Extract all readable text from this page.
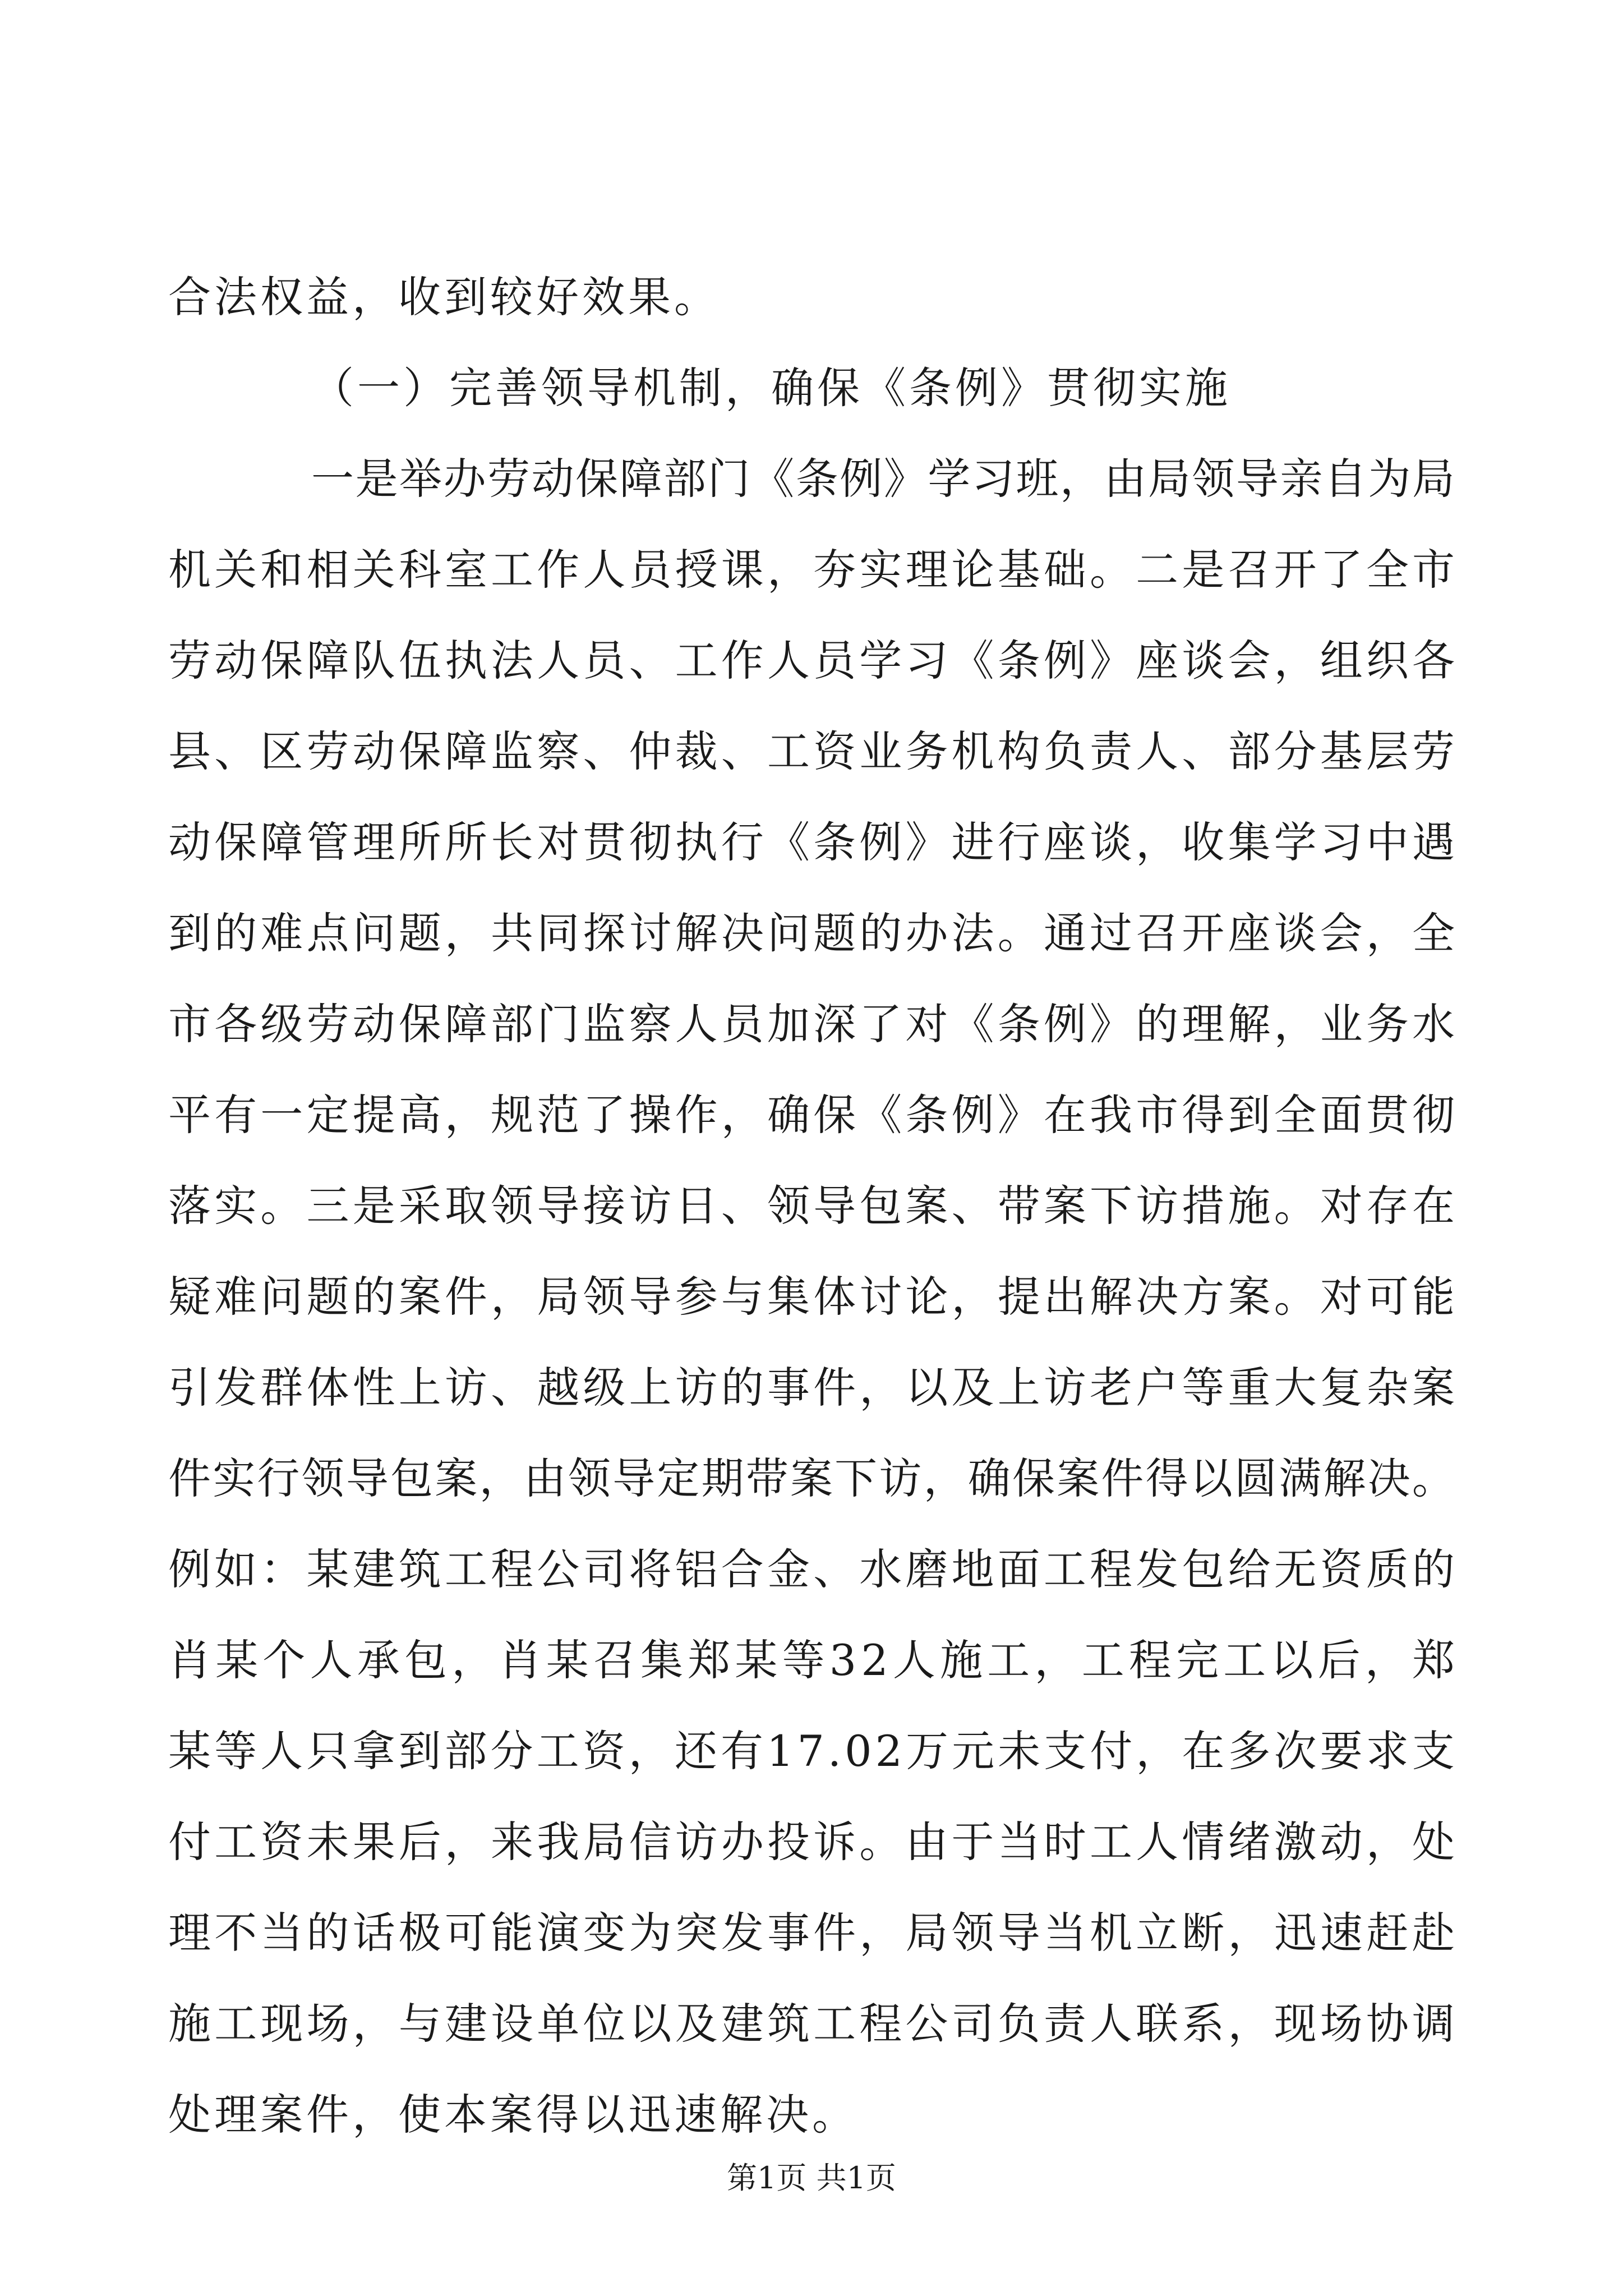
合法权益，收到较好效果。
（一）完善领导机制，确保《条例》贯彻实施
一是举办劳动保障部门《条例》学习班，由局领导亲自为局
机关和相关科室工作人员授课，夯实理论基础。二是召开了全市
劳动保障队伍执法人员、工作人员学习《条例》座谈会，组织各
县、区劳动保障监察、仲裁、工资业务机构负责人、部分基层劳
动保障管理所所长对贯彻执行《条例》进行座谈，收集学习中遇
到的难点问题，共同探讨解决问题的办法。通过召开座谈会，全
市各级劳动保障部门监察人员加深了对《条例》的理解，业务水
平有一定提高，规范了操作，确保《条例》在我市得到全面贯彻
落实。三是采取领导接访日、领导包案、带案下访措施。对存在
疑难问题的案件，局领导参与集体讨论，提出解决方案。对可能
引发群体性上访、越级上访的事件，以及上访老户等重大复杂案
件实行领导包案，由领导定期带案下访，确保案件得以圆满解决。
例如：某建筑工程公司将铝合金、水磨地面工程发包给无资质的
肖某个人承包，肖某召集郑某等32人施工，工程完工以后，郑
某等人只拿到部分工资，还有17.02万元未支付，在多次要求支
付工资未果后，来我局信访办投诉。由于当时工人情绪激动，处
理不当的话极可能演变为突发事件，局领导当机立断，迅速赶赴
施工现场，与建设单位以及建筑工程公司负责人联系，现场协调
处理案件，使本案得以迅速解决。
第1页 共1页
